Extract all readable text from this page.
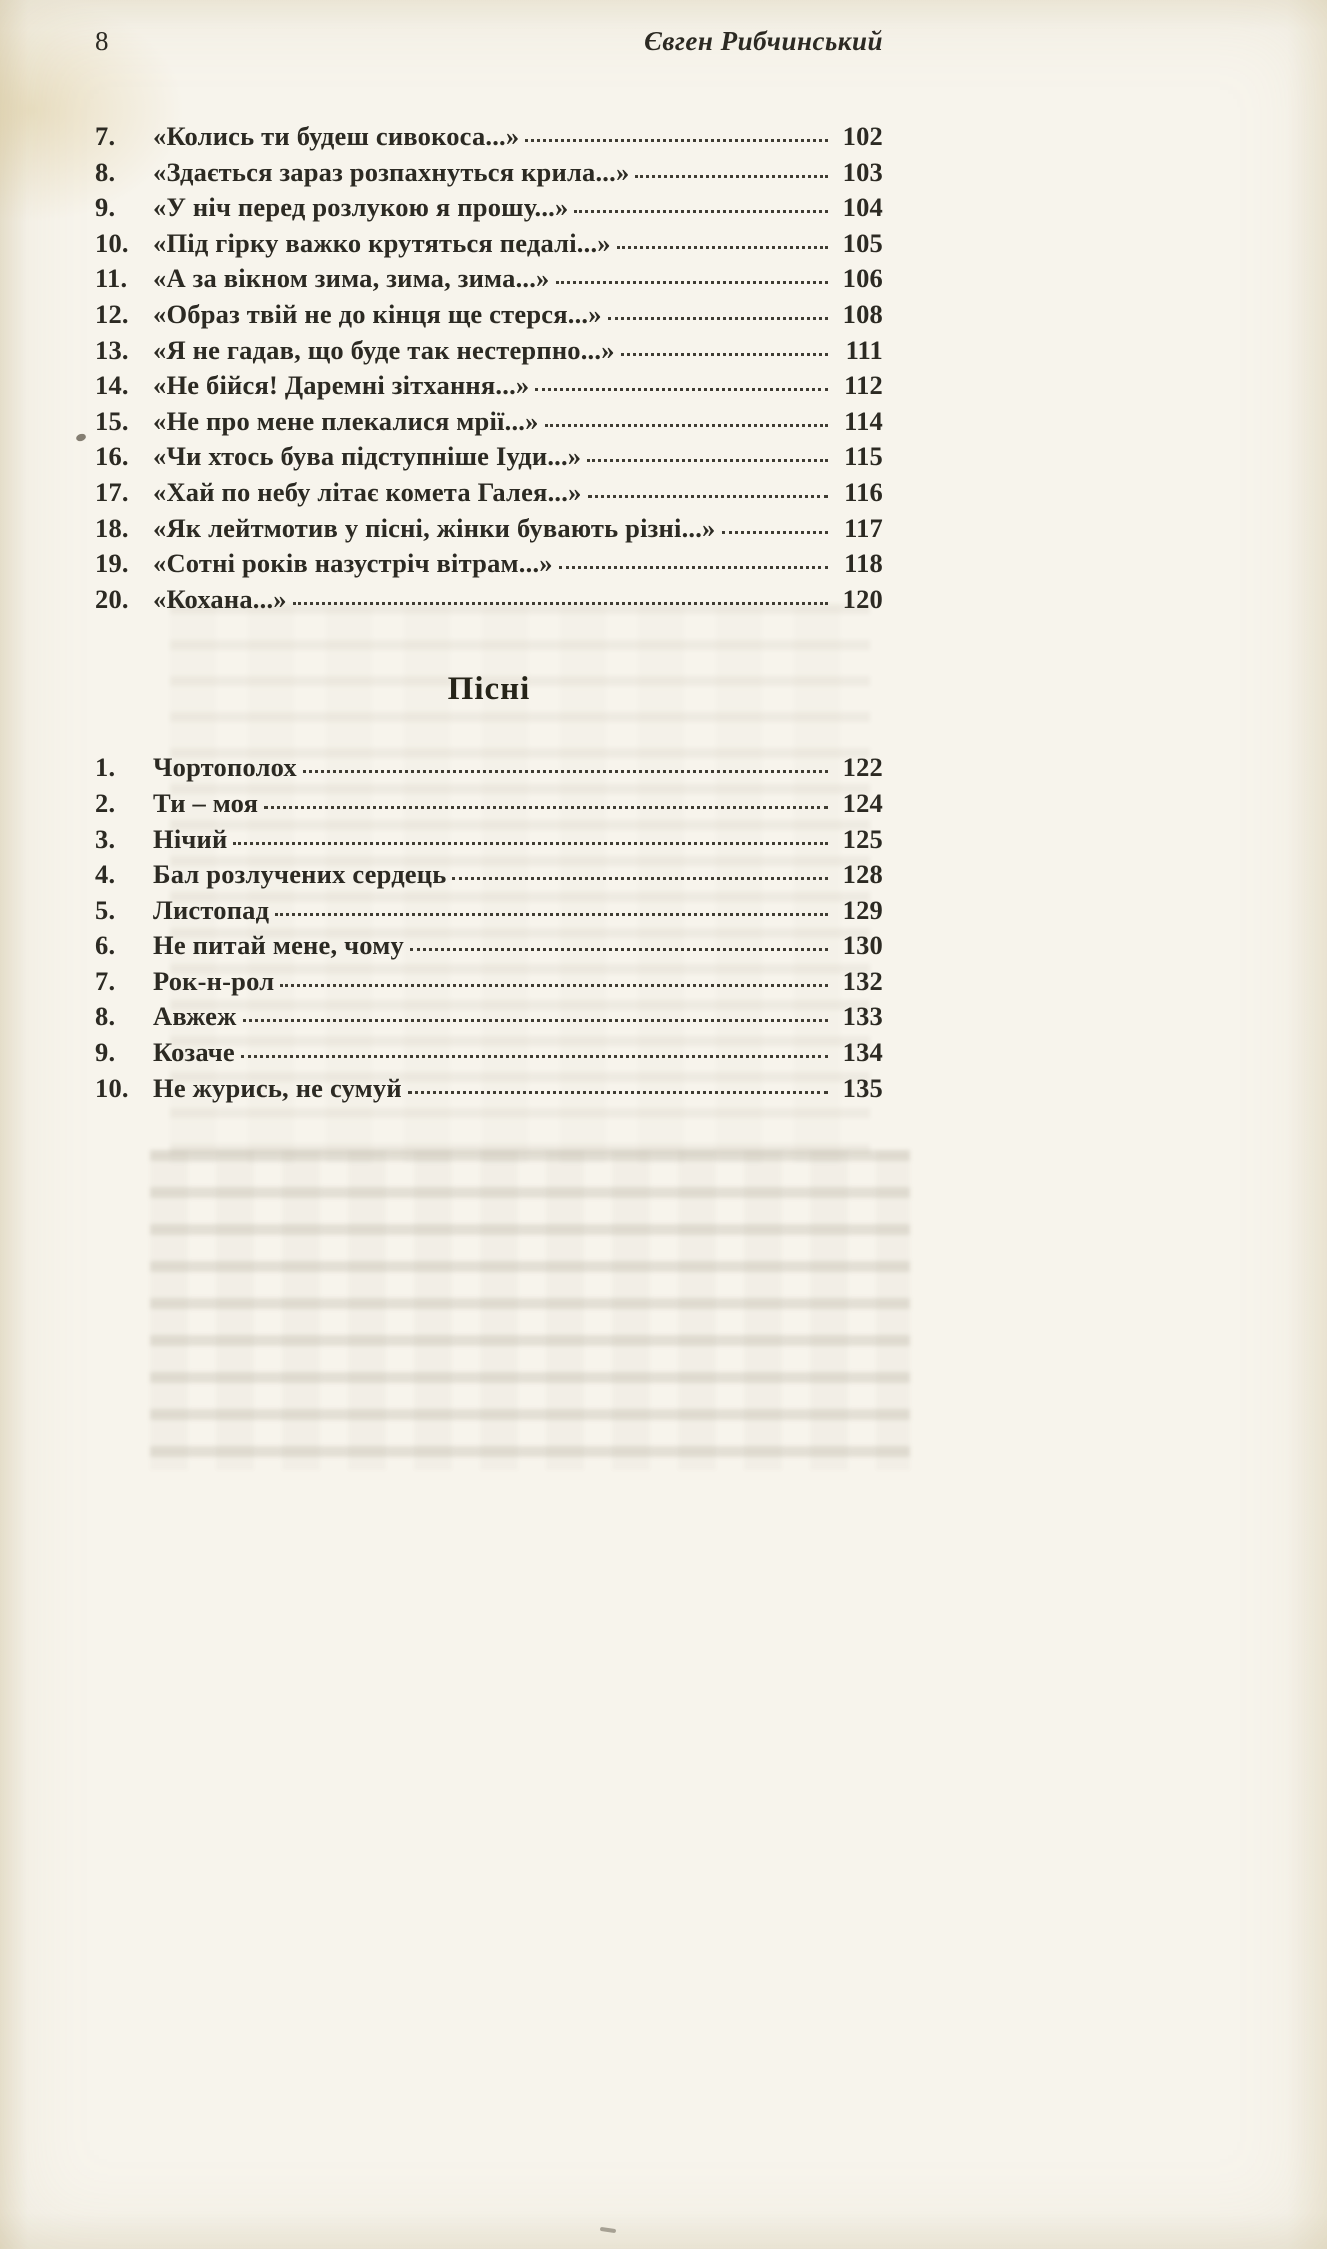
8	Євген Рибчинський
7.	«Колись ти будеш сивокоса...»	102
8.	«Здається зараз розпахнуться крила...»	103
9.	«У ніч перед розлукою я прошу...»	104
10. «Під гірку важко крутяться педалі...»	105
11. «А за вікном зима, зима, зима...»	106
12. «Образ твій не до кінця ще стерся...»	108
13. «Я не гадав, що буде так нестерпно...»	111
14. «Не бійся! Даремні зітхання...»	112
15. «Не про мене плекалися мрії...»	114
16. «Чи хтось бува підступніше Іуди...»	115
17. «Хай по небу літає комета Галея...»	116
18. «Як лейтмотив у пісні, жінки бувають різні...»	117
19. «Сотні років назустріч вітрам...»	118
20. «Кохана...»	120
Пісні
1.	Чортополох	122
2.	Ти – моя	124
3.	Нічий	125
4.	Бал розлучених сердець	128
5.	Листопад	129
6.	Не питай мене, чому	130
7.	Рок-н-рол	132
8.	Авжеж	133
9.	Козаче	134
10. Не журись, не сумуй	135
